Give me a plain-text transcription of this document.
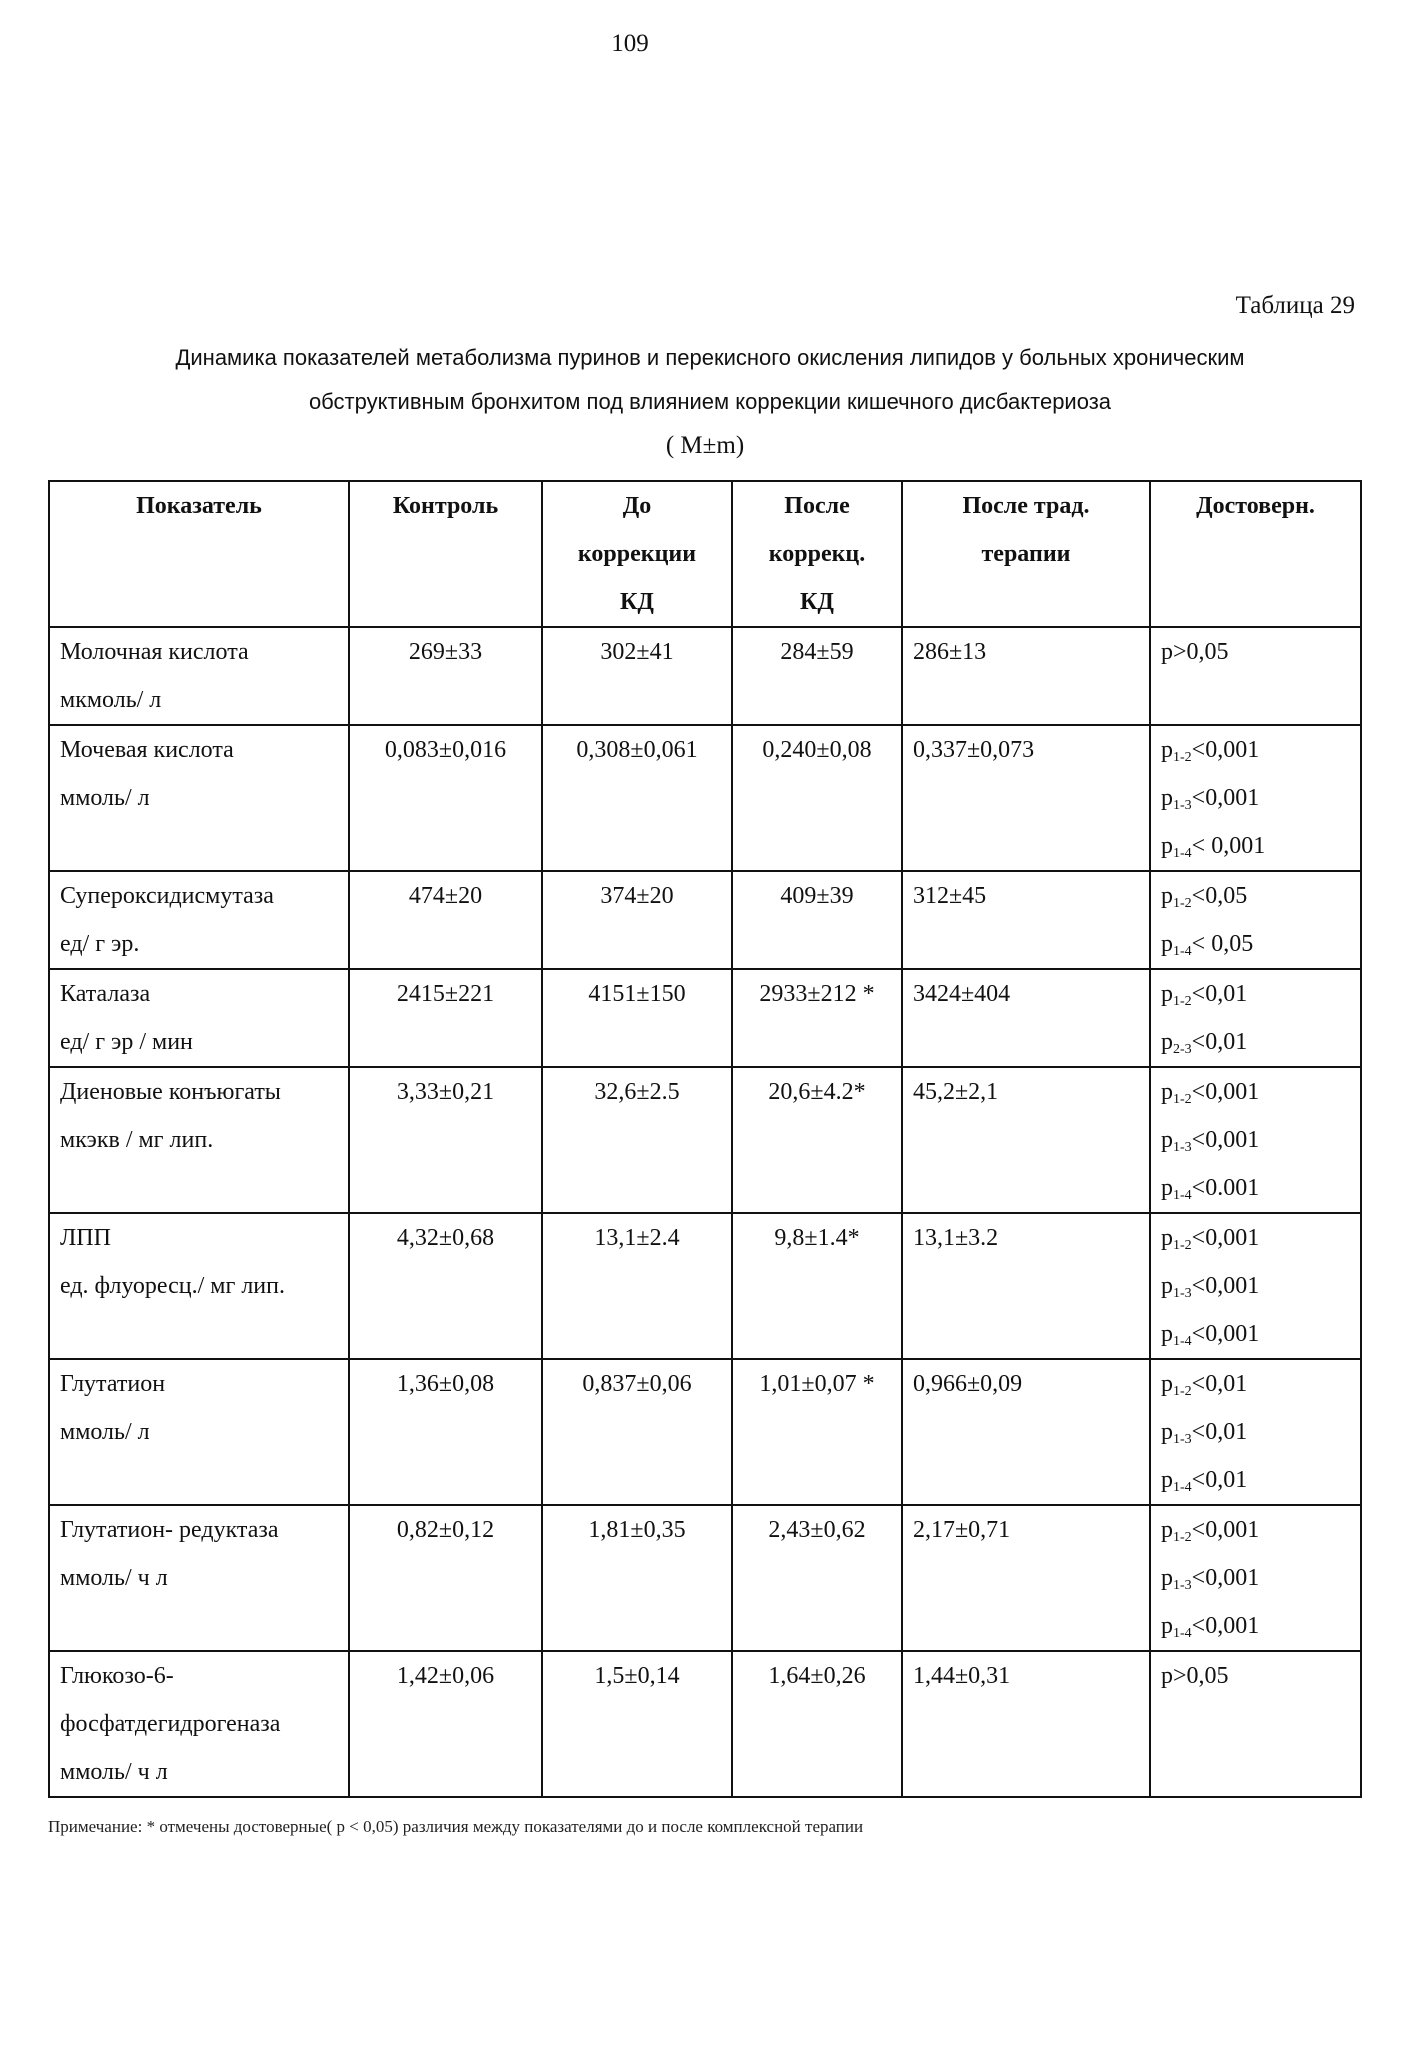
109
Таблица 29
Динамика показателей метаболизма пуринов и перекисного окисления липидов у больных хроническим
обструктивным бронхитом под влиянием коррекции кишечного дисбактериоза
( M±m)
Показатель	Контроль	До
коррекции
КД	После
коррекц.
КД	После трад.
терапии	Достоверн.

Молочная кислота
мкмоль/ л	269±33	302±41	284±59	286±13	p>0,05

Мочевая кислота
ммоль/ л	0,083±0,016	0,308±0,061	0,240±0,08	0,337±0,073	$p_{1-2}<0,001$
$p_{1-3}<0,001$
$p_{1-4}< 0,001$

Супероксидисмутаза
ед/ г эр.	474±20	374±20	409±39	312±45	$p_{1-2}<0,05$
$p_{1-4}< 0,05$

Каталаза
ед/ г эр / мин	2415±221	4151±150	2933±212 *	3424±404	$p_{1-2}<0,01$
$p_{2-3}<0,01$

Диеновые конъюгаты
мкэкв / мг лип.	3,33±0,21	32,6±2.5	20,6±4.2*	45,2±2,1	$p_{1-2}<0,001$
$p_{1-3}<0,001$
$p_{1-4}<0.001$

ЛПП
ед. флуоресц./ мг лип.	4,32±0,68	13,1±2.4	9,8±1.4*	13,1±3.2	$p_{1-2}<0,001$
$p_{1-3}<0,001$
$p_{1-4}<0,001$

Глутатион
ммоль/ л	1,36±0,08	0,837±0,06	1,01±0,07 *	0,966±0,09	$p_{1-2}<0,01$
$p_{1-3}<0,01$
$p_{1-4}<0,01$

Глутатион- редуктаза
ммоль/ ч л	0,82±0,12	1,81±0,35	2,43±0,62	2,17±0,71	$p_{1-2}<0,001$
$p_{1-3}<0,001$
$p_{1-4}<0,001$

Глюкозо-6-
фосфатдегидрогеназа
ммоль/ ч л	1,42±0,06	1,5±0,14	1,64±0,26	1,44±0,31	p>0,05
Примечание: * отмечены достоверные( p < 0,05) различия между показателями до и после комплексной терапии
